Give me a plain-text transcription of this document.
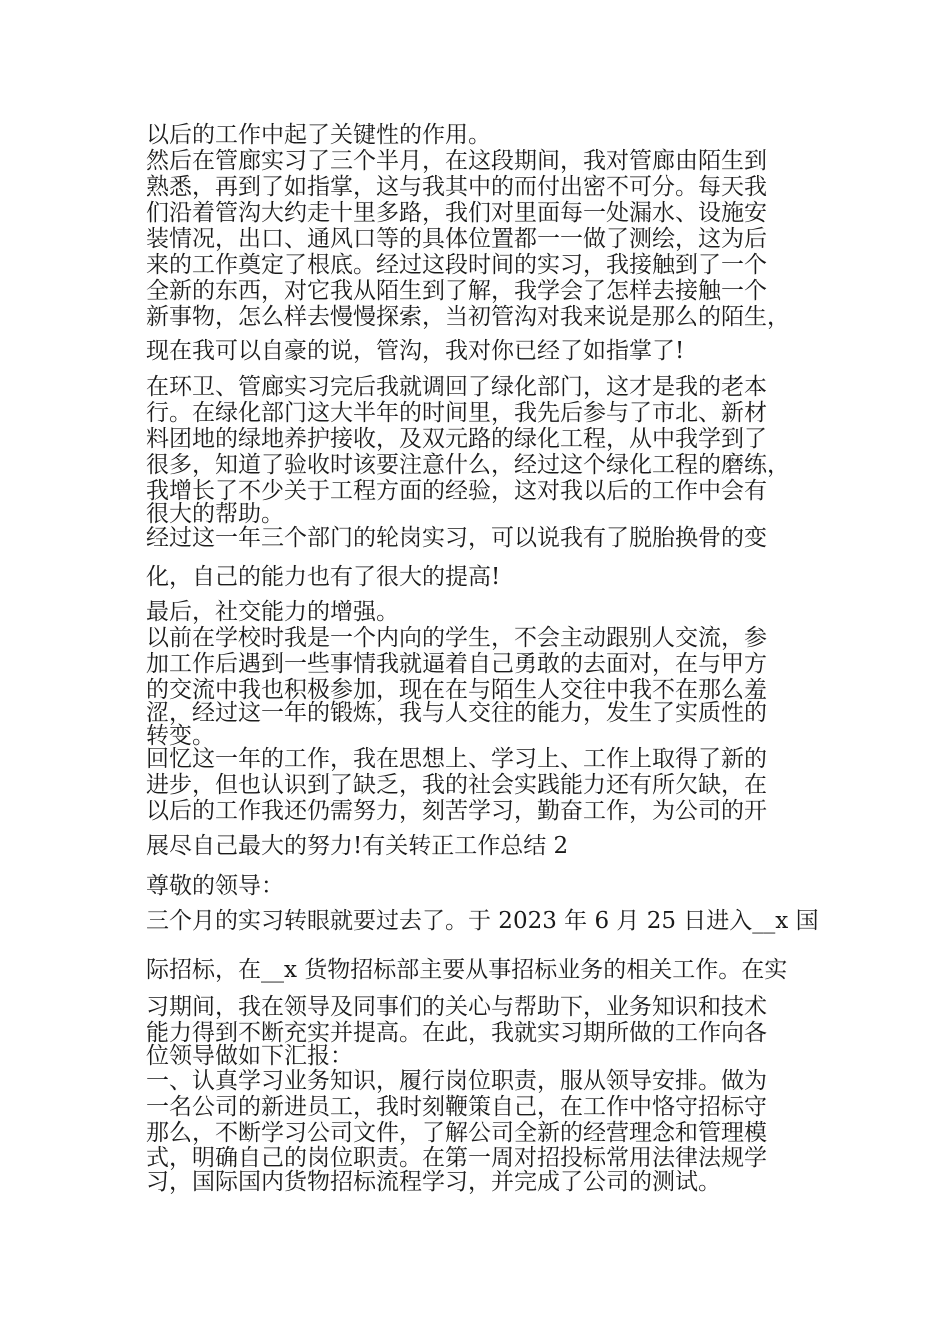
以后的工作中起了关键性的作用。

然后在管廊实习了三个半月，在这段期间，我对管廊由陌生到

熟悉，再到了如指掌，这与我其中的而付出密不可分。每天我

们沿着管沟大约走十里多路，我们对里面每一处漏水、设施安

装情况，出口、通风口等的具体位置都一一做了测绘，这为后

来的工作奠定了根底。经过这段时间的实习，我接触到了一个

全新的东西，对它我从陌生到了解，我学会了怎样去接触一个

新事物，怎么样去慢慢探索，当初管沟对我来说是那么的陌生，

现在我可以自豪的说，管沟，我对你已经了如指掌了!

在环卫、管廊实习完后我就调回了绿化部门，这才是我的老本

行。在绿化部门这大半年的时间里，我先后参与了市北、新材

料团地的绿地养护接收，及双元路的绿化工程，从中我学到了

很多，知道了验收时该要注意什么，经过这个绿化工程的磨练，

我增长了不少关于工程方面的经验，这对我以后的工作中会有

很大的帮助。

经过这一年三个部门的轮岗实习，可以说我有了脱胎换骨的变

化，自己的能力也有了很大的提高!

最后，社交能力的增强。

以前在学校时我是一个内向的学生，不会主动跟别人交流，参

加工作后遇到一些事情我就逼着自己勇敢的去面对，在与甲方

的交流中我也积极参加，现在在与陌生人交往中我不在那么羞

涩，经过这一年的锻炼，我与人交往的能力，发生了实质性的

转变。

回忆这一年的工作，我在思想上、学习上、工作上取得了新的

进步，但也认识到了缺乏，我的社会实践能力还有所欠缺，在

以后的工作我还仍需努力，刻苦学习，勤奋工作，为公司的开

展尽自己最大的努力!有关转正工作总结 2

尊敬的领导：

三个月的实习转眼就要过去了。于 2023 年 6 月 25 日进入__x 国

际招标，在__x 货物招标部主要从事招标业务的相关工作。在实

习期间，我在领导及同事们的关心与帮助下，业务知识和技术

能力得到不断充实并提高。在此，我就实习期所做的工作向各

位领导做如下汇报：

一、认真学习业务知识，履行岗位职责，服从领导安排。做为

一名公司的新进员工，我时刻鞭策自己，在工作中恪守招标守

那么，不断学习公司文件，了解公司全新的经营理念和管理模

式，明确自己的岗位职责。在第一周对招投标常用法律法规学

习，国际国内货物招标流程学习，并完成了公司的测试。
